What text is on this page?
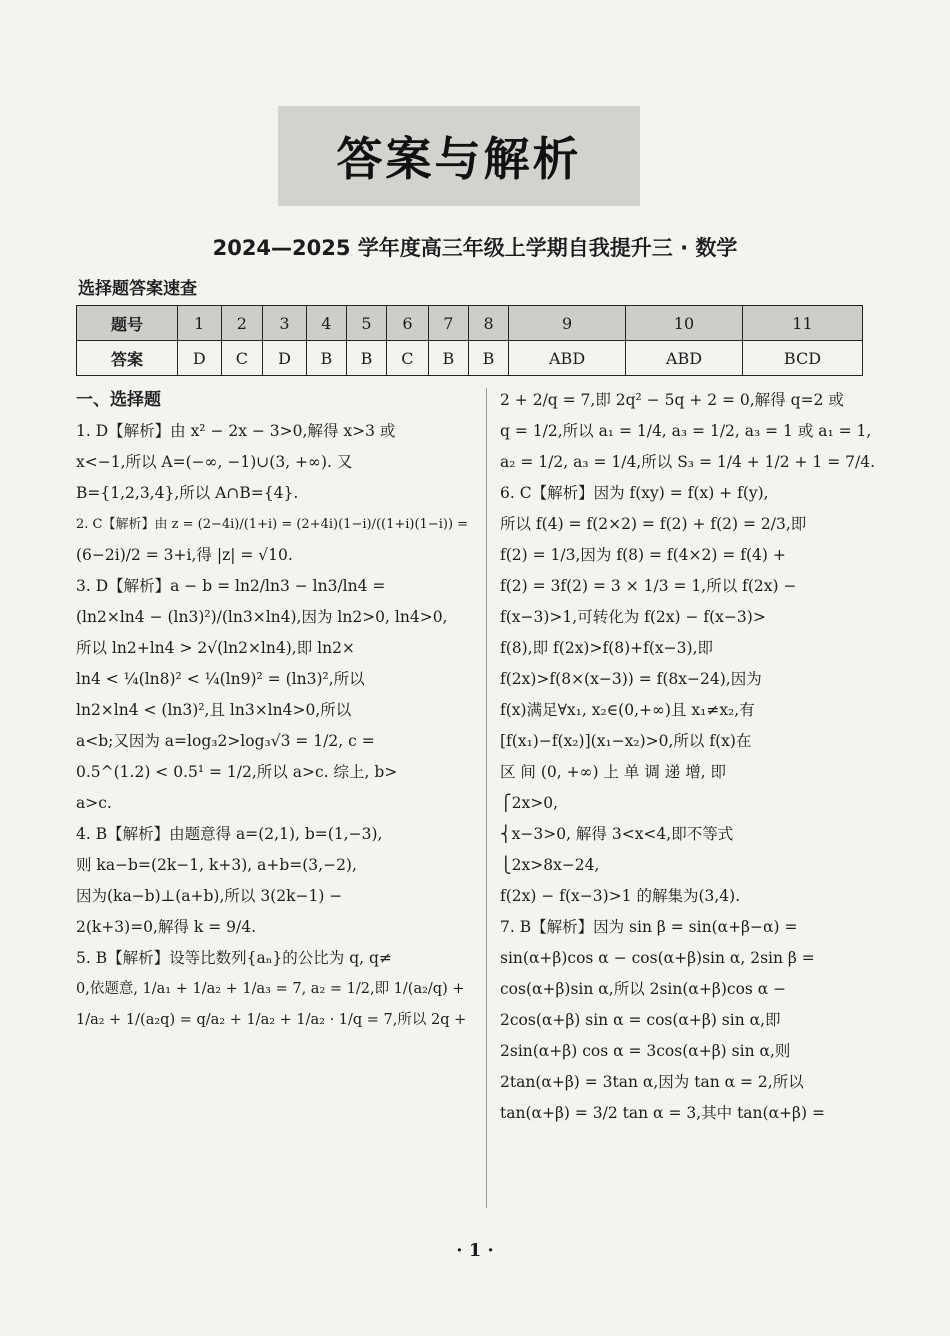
答案与解析
2024—2025 学年度高三年级上学期自我提升三 · 数学
选择题答案速查
题号	1	2	3	4	5	6	7	8	9	10	11
答案	D	C	D	B	B	C	B	B	ABD	ABD	BCD
一、选择题
1. D【解析】由 x² − 2x − 3>0,解得 x>3 或
x<−1,所以 A=(−∞, −1)∪(3, +∞). 又
B={1,2,3,4},所以 A∩B={4}.
2. C【解析】由 z = (2−4i)/(1+i) = (2+4i)(1−i)/((1+i)(1−i)) =
(6−2i)/2 = 3+i,得 |z| = √10.
3. D【解析】a − b = ln2/ln3 − ln3/ln4 =
(ln2×ln4 − (ln3)²)/(ln3×ln4),因为 ln2>0, ln4>0,
所以 ln2+ln4 > 2√(ln2×ln4),即 ln2×
ln4 < ¼(ln8)² < ¼(ln9)² = (ln3)²,所以
ln2×ln4 < (ln3)²,且 ln3×ln4>0,所以
a<b;又因为 a=log₃2>log₃√3 = 1/2, c =
0.5^(1.2) < 0.5¹ = 1/2,所以 a>c. 综上, b>
a>c.
4. B【解析】由题意得 a=(2,1), b=(1,−3),
则 ka−b=(2k−1, k+3), a+b=(3,−2),
因为(ka−b)⊥(a+b),所以 3(2k−1) −
2(k+3)=0,解得 k = 9/4.
5. B【解析】设等比数列{aₙ}的公比为 q, q≠
0,依题意, 1/a₁ + 1/a₂ + 1/a₃ = 7, a₂ = 1/2,即 1/(a₂/q) +
1/a₂ + 1/(a₂q) = q/a₂ + 1/a₂ + 1/a₂ · 1/q = 7,所以 2q +
2 + 2/q = 7,即 2q² − 5q + 2 = 0,解得 q=2 或
q = 1/2,所以 a₁ = 1/4, a₃ = 1/2, a₃ = 1 或 a₁ = 1,
a₂ = 1/2, a₃ = 1/4,所以 S₃ = 1/4 + 1/2 + 1 = 7/4.
6. C【解析】因为 f(xy) = f(x) + f(y),
所以 f(4) = f(2×2) = f(2) + f(2) = 2/3,即
f(2) = 1/3,因为 f(8) = f(4×2) = f(4) +
f(2) = 3f(2) = 3 × 1/3 = 1,所以 f(2x) −
f(x−3)>1,可转化为 f(2x) − f(x−3)>
f(8),即 f(2x)>f(8)+f(x−3),即
f(2x)>f(8×(x−3)) = f(8x−24),因为
f(x)满足∀x₁, x₂∈(0,+∞)且 x₁≠x₂,有
[f(x₁)−f(x₂)](x₁−x₂)>0,所以 f(x)在
区 间 (0, +∞) 上 单 调 递 增, 即
⎧2x>0,
⎨x−3>0, 解得 3<x<4,即不等式
⎩2x>8x−24,
f(2x) − f(x−3)>1 的解集为(3,4).
7. B【解析】因为 sin β = sin(α+β−α) =
sin(α+β)cos α − cos(α+β)sin α, 2sin β =
cos(α+β)sin α,所以 2sin(α+β)cos α −
2cos(α+β) sin α = cos(α+β) sin α,即
2sin(α+β) cos α = 3cos(α+β) sin α,则
2tan(α+β) = 3tan α,因为 tan α = 2,所以
tan(α+β) = 3/2 tan α = 3,其中 tan(α+β) =
· 1 ·
